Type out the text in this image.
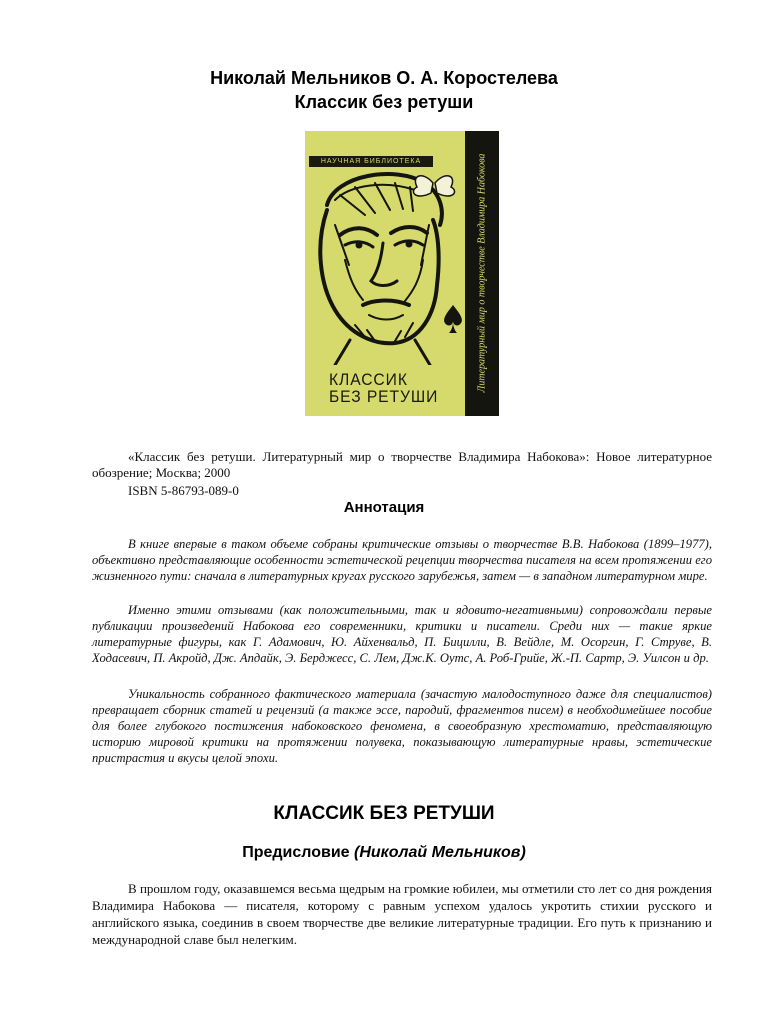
Николай Мельников О. А. Коростелева
Классик без ретуши
НАУЧНАЯ БИБЛИОТЕКА
КЛАССИК
БЕЗ РЕТУШИ
Литературный мир о творчестве Владимира Набокова
«Классик без ретуши. Литературный мир о творчестве Владимира Набокова»: Новое литературное обозрение; Москва; 2000
ISBN 5-86793-089-0
Аннотация
В книге впервые в таком объеме собраны критические отзывы о творчестве В.В. Набокова (1899–1977), объективно представляющие особенности эстетической рецепции творчества писателя на всем протяжении его жизненного пути: сначала в литературных кругах русского зарубежья, затем — в западном литературном мире.
Именно этими отзывами (как положительными, так и ядовито-негативными) сопровождали первые публикации произведений Набокова его современники, критики и писатели. Среди них — такие яркие литературные фигуры, как Г. Адамович, Ю. Айхенвальд, П. Бицилли, В. Вейдле, М. Осоргин, Г. Струве, В. Ходасевич, П. Акройд, Дж. Апдайк, Э. Берджесс, С. Лем, Дж.К. Оутс, А. Роб-Грийе, Ж.-П. Сартр, Э. Уилсон и др.
Уникальность собранного фактического материала (зачастую малодоступного даже для специалистов) превращает сборник статей и рецензий (а также эссе, пародий, фрагментов писем) в необходимейшее пособие для более глубокого постижения набоковского феномена, в своеобразную хрестоматию, представляющую историю мировой критики на протяжении полувека, показывающую литературные нравы, эстетические пристрастия и вкусы целой эпохи.
КЛАССИК БЕЗ РЕТУШИ
Предисловие (Николай Мельников)
В прошлом году, оказавшемся весьма щедрым на громкие юбилеи, мы отметили сто лет со дня рождения Владимира Набокова — писателя, которому с равным успехом удалось укротить стихии русского и английского языка, соединив в своем творчестве две великие литературные традиции. Его путь к признанию и международной славе был нелегким.
